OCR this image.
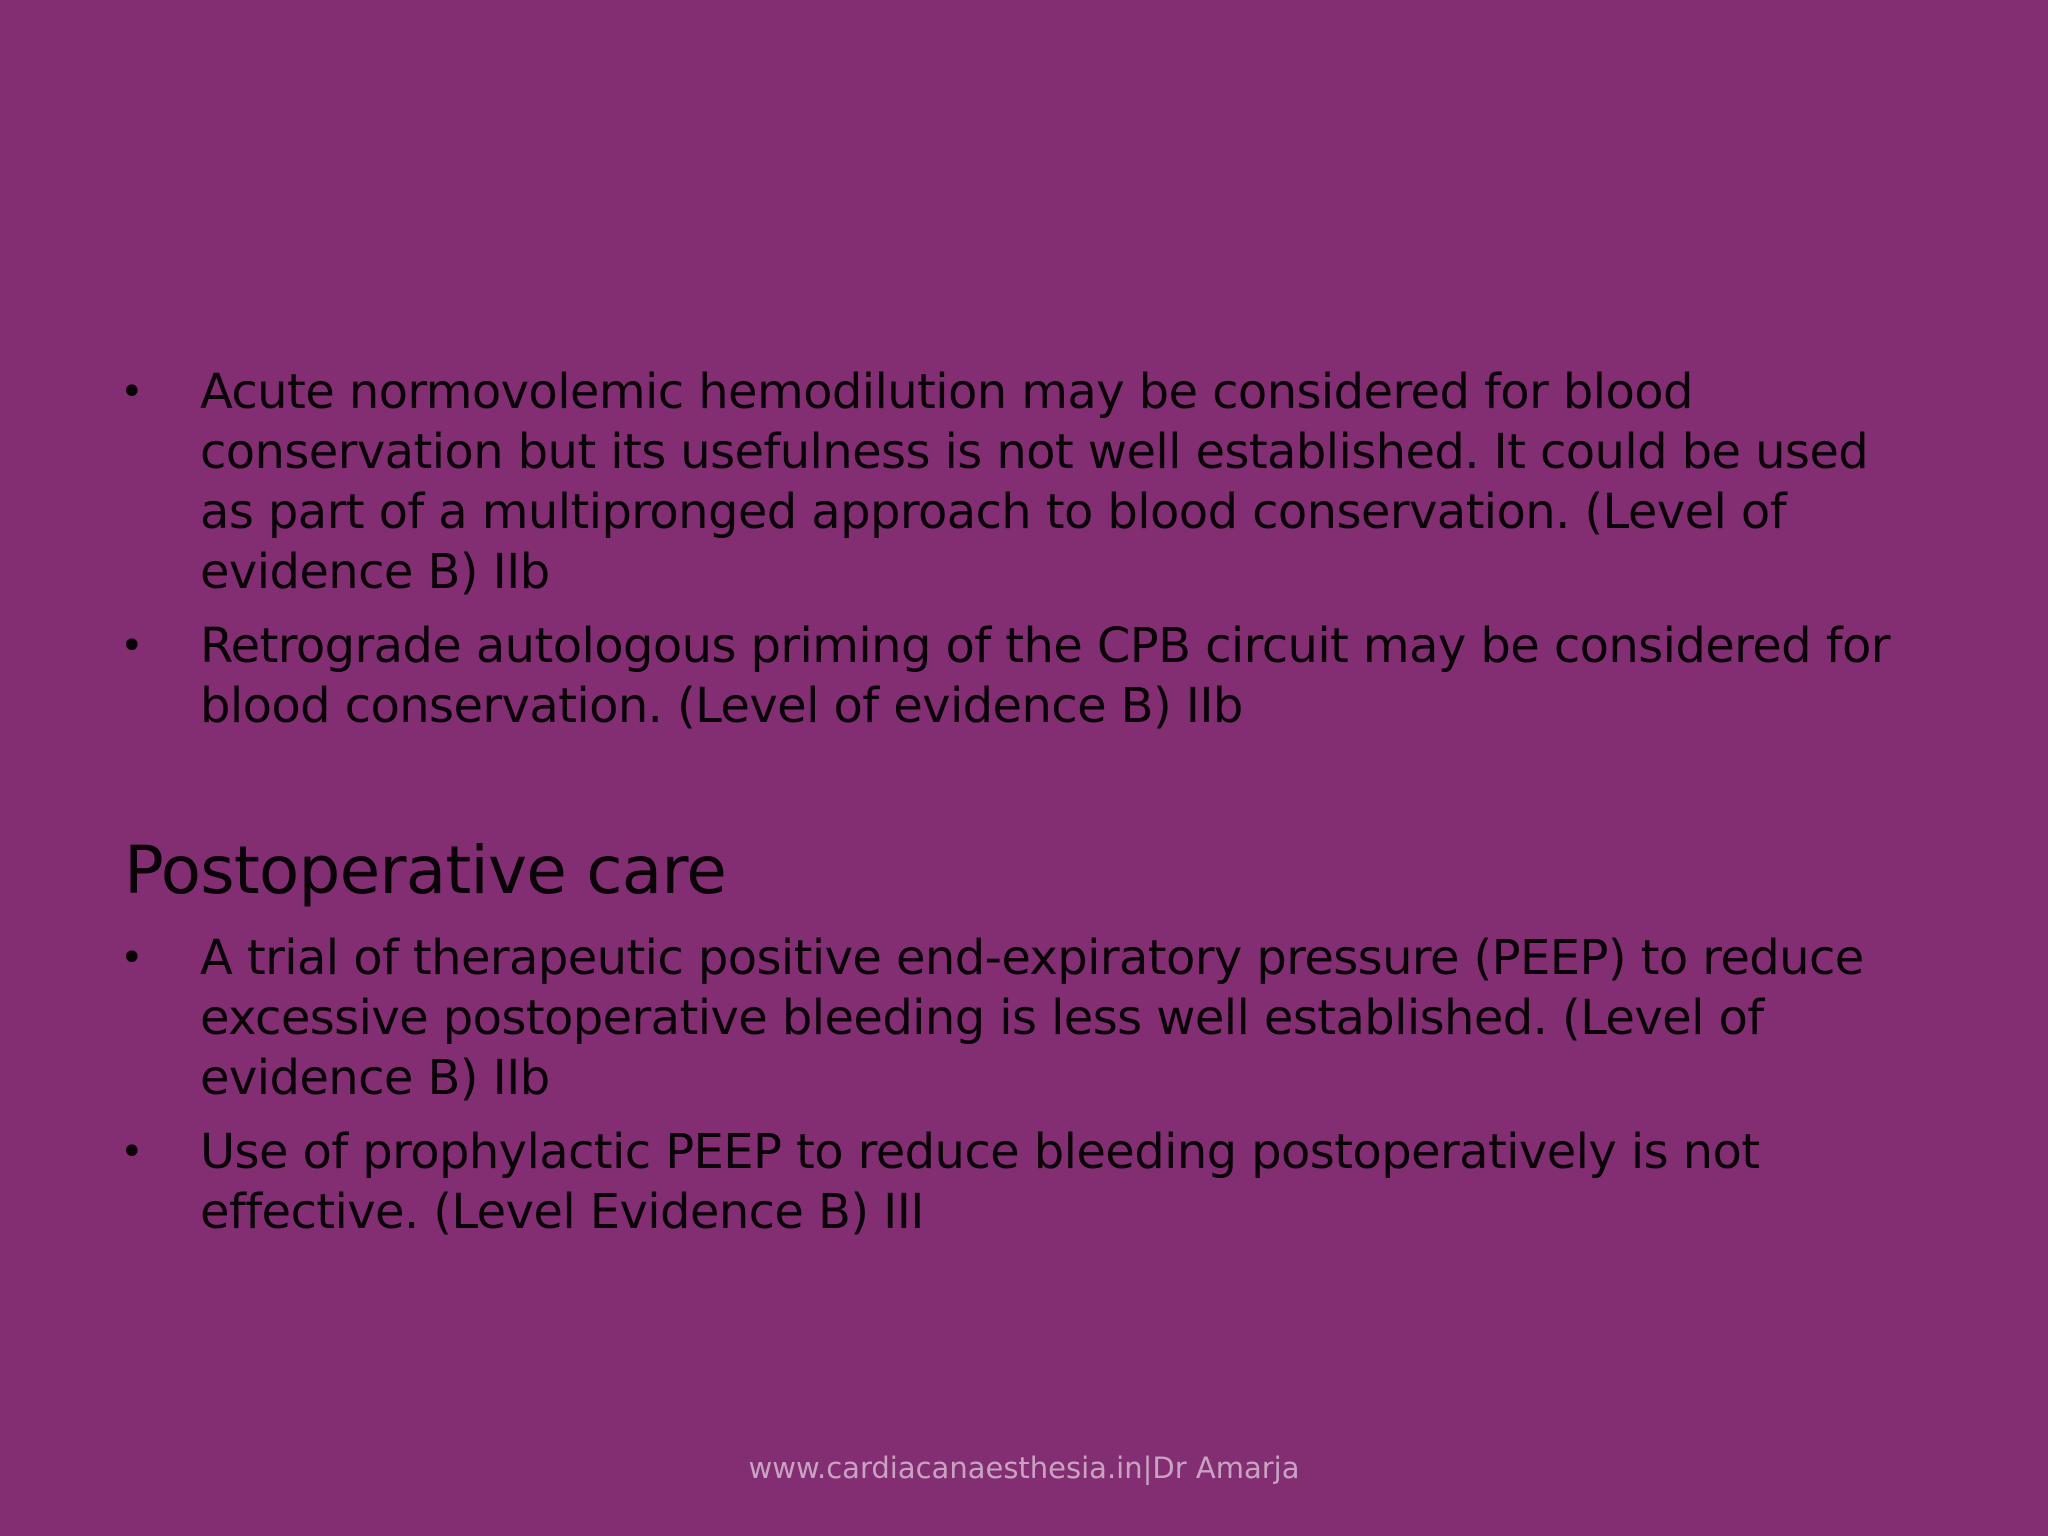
• Acute normovolemic hemodilution may be considered for blood conservation but its usefulness is not well established. It could be used as part of a multipronged approach to blood conservation. (Level of evidence B) IIb
• Retrograde autologous priming of the CPB circuit may be considered for blood conservation. (Level of evidence B) IIb
Postoperative care
• A trial of therapeutic positive end-expiratory pressure (PEEP) to reduce excessive postoperative bleeding is less well established. (Level of evidence B) IIb
• Use of prophylactic PEEP to reduce bleeding postoperatively is not effective. (Level Evidence B) III
www.cardiacanaesthesia.in|Dr Amarja
